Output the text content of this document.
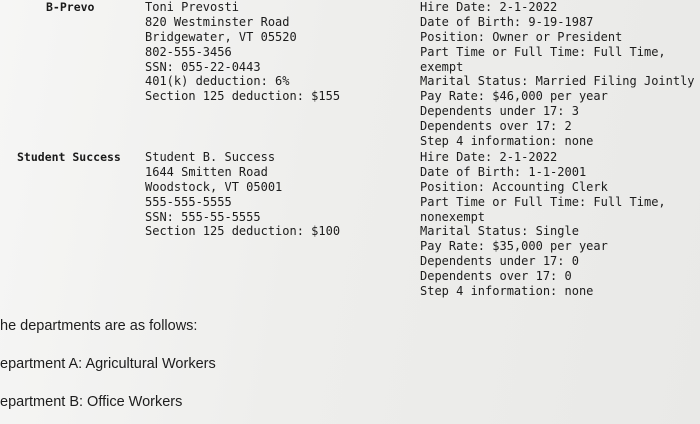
B-Prevo	Toni Prevosti
820 Westminster Road
Bridgewater, VT 05520
802-555-3456
SSN: 055-22-0443
401(k) deduction: 6%
Section 125 deduction: $155
Hire Date: 2-1-2022
Date of Birth: 9-19-1987
Position: Owner or President
Part Time or Full Time: Full Time,
exempt
Marital Status: Married Filing Jointly
Pay Rate: $46,000 per year
Dependents under 17: 3
Dependents over 17: 2
Step 4 information: none
Student Success Student B. Success
1644 Smitten Road
Woodstock, VT 05001
555-555-5555
SSN: 555-55-5555
Section 125 deduction: $100
Hire Date: 2-1-2022
Date of Birth: 1-1-2001
Position: Accounting Clerk
Part Time or Full Time: Full Time,
nonexempt
Marital Status: Single
Pay Rate: $35,000 per year
Dependents under 17: 0
Dependents over 17: 0
Step 4 information: none
he departments are as follows:
epartment A: Agricultural Workers
epartment B: Office Workers
